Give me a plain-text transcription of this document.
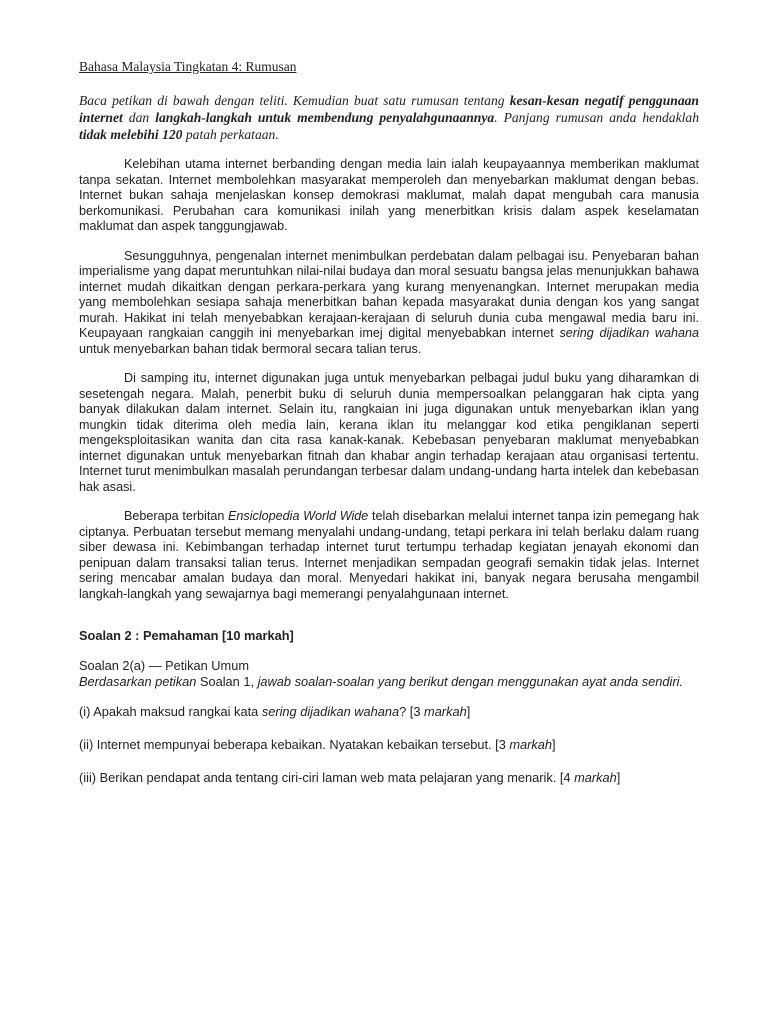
Bahasa Malaysia Tingkatan 4: Rumusan

Baca petikan di bawah dengan teliti. Kemudian buat satu rumusan tentang kesan-kesan negatif penggunaan internet dan langkah-langkah untuk membendung penyalahgunaannya. Panjang rumusan anda hendaklah tidak melebihi 120 patah perkataan.

Kelebihan utama internet berbanding dengan media lain ialah keupayaannya memberikan maklumat tanpa sekatan. Internet membolehkan masyarakat memperoleh dan menyebarkan maklumat dengan bebas. Internet bukan sahaja menjelaskan konsep demokrasi maklumat, malah dapat mengubah cara manusia berkomunikasi. Perubahan cara komunikasi inilah yang menerbitkan krisis dalam aspek keselamatan maklumat dan aspek tanggungjawab.

Sesungguhnya, pengenalan internet menimbulkan perdebatan dalam pelbagai isu. Penyebaran bahan imperialisme yang dapat meruntuhkan nilai-nilai budaya dan moral sesuatu bangsa jelas menunjukkan bahawa internet mudah dikaitkan dengan perkara-perkara yang kurang menyenangkan. Internet merupakan media yang membolehkan sesiapa sahaja menerbitkan bahan kepada masyarakat dunia dengan kos yang sangat murah. Hakikat ini telah menyebabkan kerajaan-kerajaan di seluruh dunia cuba mengawal media baru ini. Keupayaan rangkaian canggih ini menyebarkan imej digital menyebabkan internet sering dijadikan wahana untuk menyebarkan bahan tidak bermoral secara talian terus.

Di samping itu, internet digunakan juga untuk menyebarkan pelbagai judul buku yang diharamkan di sesetengah negara. Malah, penerbit buku di seluruh dunia mempersoalkan pelanggaran hak cipta yang banyak dilakukan dalam internet. Selain itu, rangkaian ini juga digunakan untuk menyebarkan iklan yang mungkin tidak diterima oleh media lain, kerana iklan itu melanggar kod etika pengiklanan seperti mengeksploitasikan wanita dan cita rasa kanak-kanak. Kebebasan penyebaran maklumat menyebabkan internet digunakan untuk menyebarkan fitnah dan khabar angin terhadap kerajaan atau organisasi tertentu. Internet turut menimbulkan masalah perundangan terbesar dalam undang-undang harta intelek dan kebebasan hak asasi.

Beberapa terbitan Ensiclopedia World Wide telah disebarkan melalui internet tanpa izin pemegang hak ciptanya. Perbuatan tersebut memang menyalahi undang-undang, tetapi perkara ini telah berlaku dalam ruang siber dewasa ini. Kebimbangan terhadap internet turut tertumpu terhadap kegiatan jenayah ekonomi dan penipuan dalam transaksi talian terus. Internet menjadikan sempadan geografi semakin tidak jelas. Internet sering mencabar amalan budaya dan moral. Menyedari hakikat ini, banyak negara berusaha mengambil langkah-langkah yang sewajarnya bagi memerangi penyalahgunaan internet.

Soalan 2 : Pemahaman [10 markah]

Soalan 2(a) — Petikan Umum

Berdasarkan petikan Soalan 1, jawab soalan-soalan yang berikut dengan menggunakan ayat anda sendiri.

(i) Apakah maksud rangkai kata sering dijadikan wahana? [3 markah]

(ii) Internet mempunyai beberapa kebaikan. Nyatakan kebaikan tersebut. [3 markah]

(iii) Berikan pendapat anda tentang ciri-ciri laman web mata pelajaran yang menarik. [4 markah]
